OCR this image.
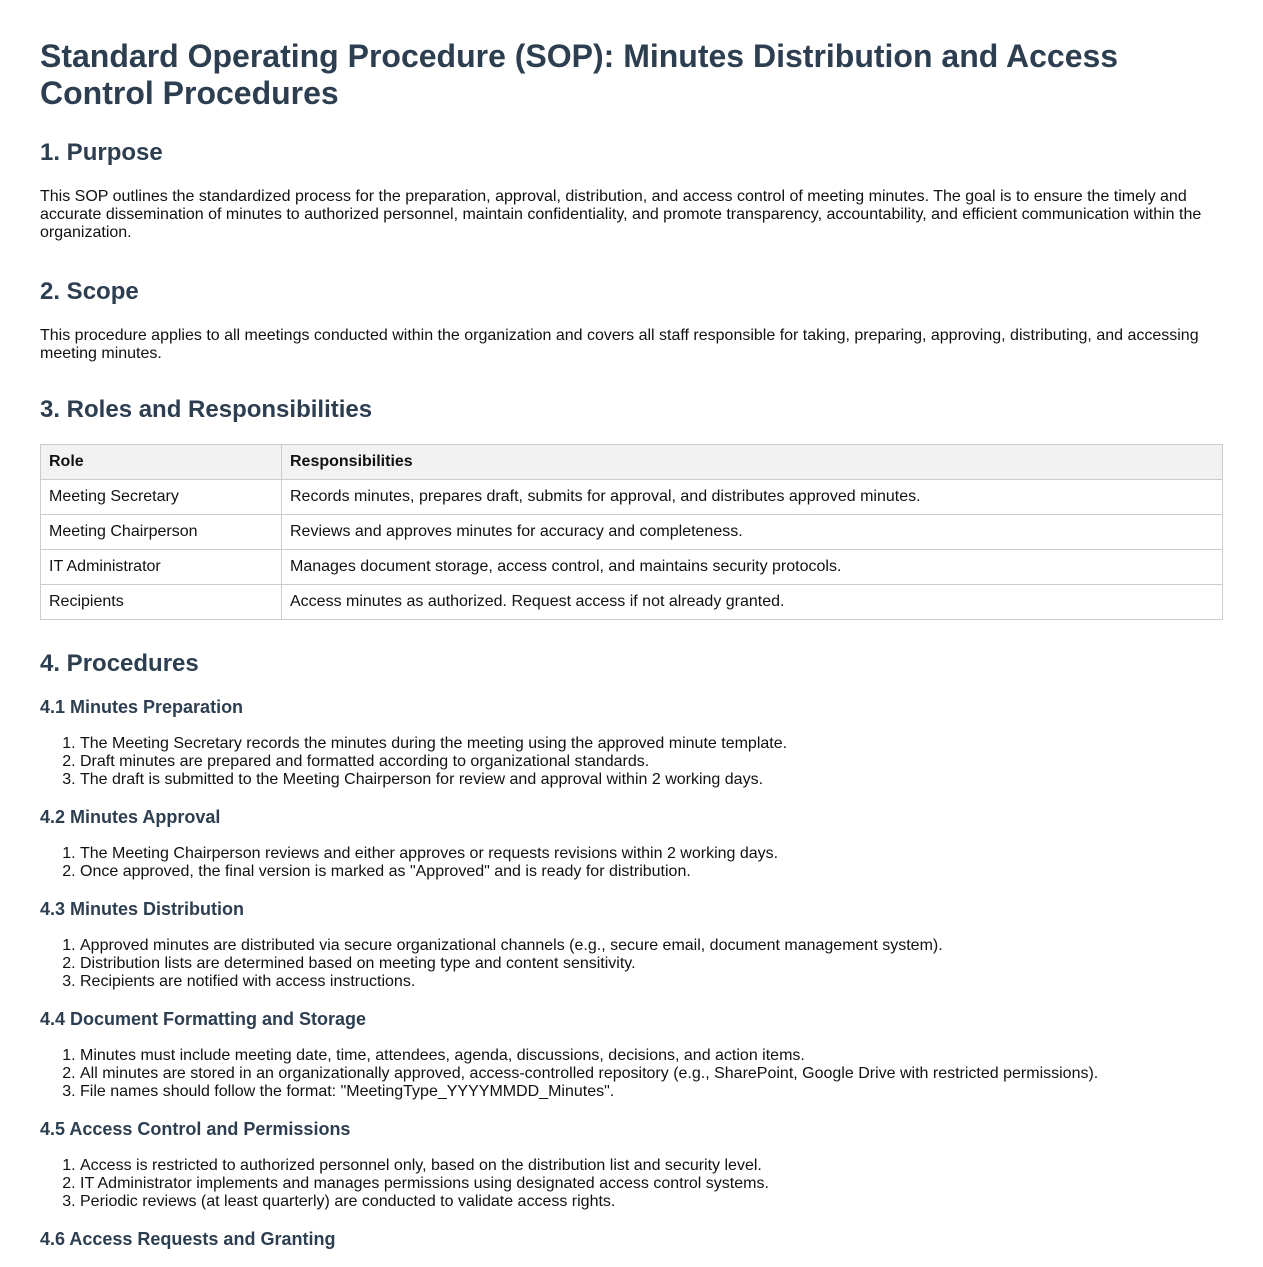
Standard Operating Procedure (SOP): Minutes Distribution and Access Control Procedures
1. Purpose

This SOP outlines the standardized process for the preparation, approval, distribution, and access control of meeting minutes. The goal is to ensure the timely and accurate dissemination of minutes to authorized personnel, maintain confidentiality, and promote transparency, accountability, and efficient communication within the organization.

2. Scope

This procedure applies to all meetings conducted within the organization and covers all staff responsible for taking, preparing, approving, distributing, and accessing meeting minutes.

3. Roles and Responsibilities
Role	Responsibilities
Meeting Secretary	Records minutes, prepares draft, submits for approval, and distributes approved minutes.
Meeting Chairperson	Reviews and approves minutes for accuracy and completeness.
IT Administrator	Manages document storage, access control, and maintains security protocols.
Recipients	Access minutes as authorized. Request access if not already granted.
4. Procedures
4.1 Minutes Preparation
1. The Meeting Secretary records the minutes during the meeting using the approved minute template.
2. Draft minutes are prepared and formatted according to organizational standards.
3. The draft is submitted to the Meeting Chairperson for review and approval within 2 working days.
4.2 Minutes Approval
1. The Meeting Chairperson reviews and either approves or requests revisions within 2 working days.
2. Once approved, the final version is marked as "Approved" and is ready for distribution.
4.3 Minutes Distribution
1. Approved minutes are distributed via secure organizational channels (e.g., secure email, document management system).
2. Distribution lists are determined based on meeting type and content sensitivity.
3. Recipients are notified with access instructions.
4.4 Document Formatting and Storage
1. Minutes must include meeting date, time, attendees, agenda, discussions, decisions, and action items.
2. All minutes are stored in an organizationally approved, access-controlled repository (e.g., SharePoint, Google Drive with restricted permissions).
3. File names should follow the format: "MeetingType_YYYYMMDD_Minutes".
4.5 Access Control and Permissions
1. Access is restricted to authorized personnel only, based on the distribution list and security level.
2. IT Administrator implements and manages permissions using designated access control systems.
3. Periodic reviews (at least quarterly) are conducted to validate access rights.
4.6 Access Requests and Granting
